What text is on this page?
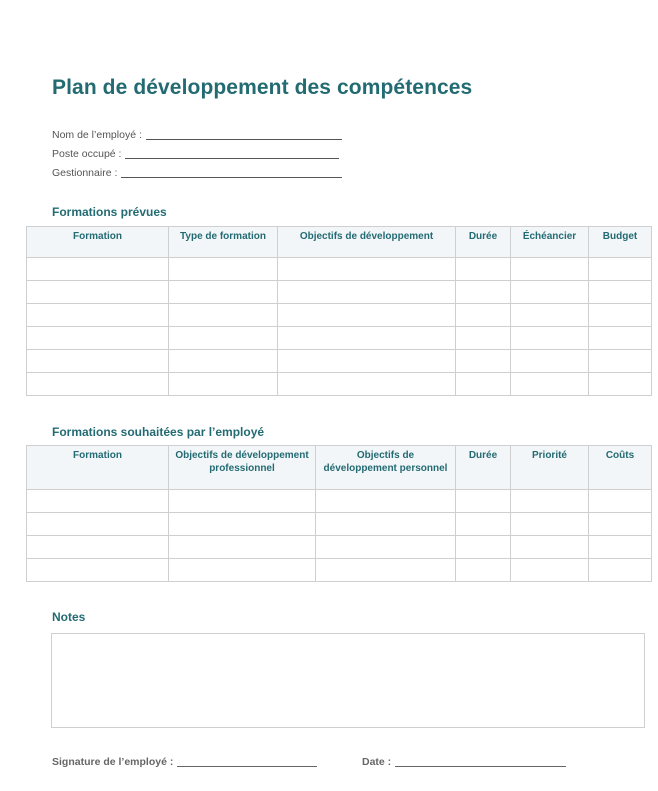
Plan de développement des compétences
Nom de l’employé :
Poste occupé :
Gestionnaire :
Formations prévues
Formation	Type de formation	Objectifs de développement	Durée	Échéancier	Budget

Formations souhaitées par l’employé
Formation	Objectifs de développement professionnel	Objectifs de développement personnel	Durée	Priorité	Coûts

Notes
Signature de l’employé :	Date :
